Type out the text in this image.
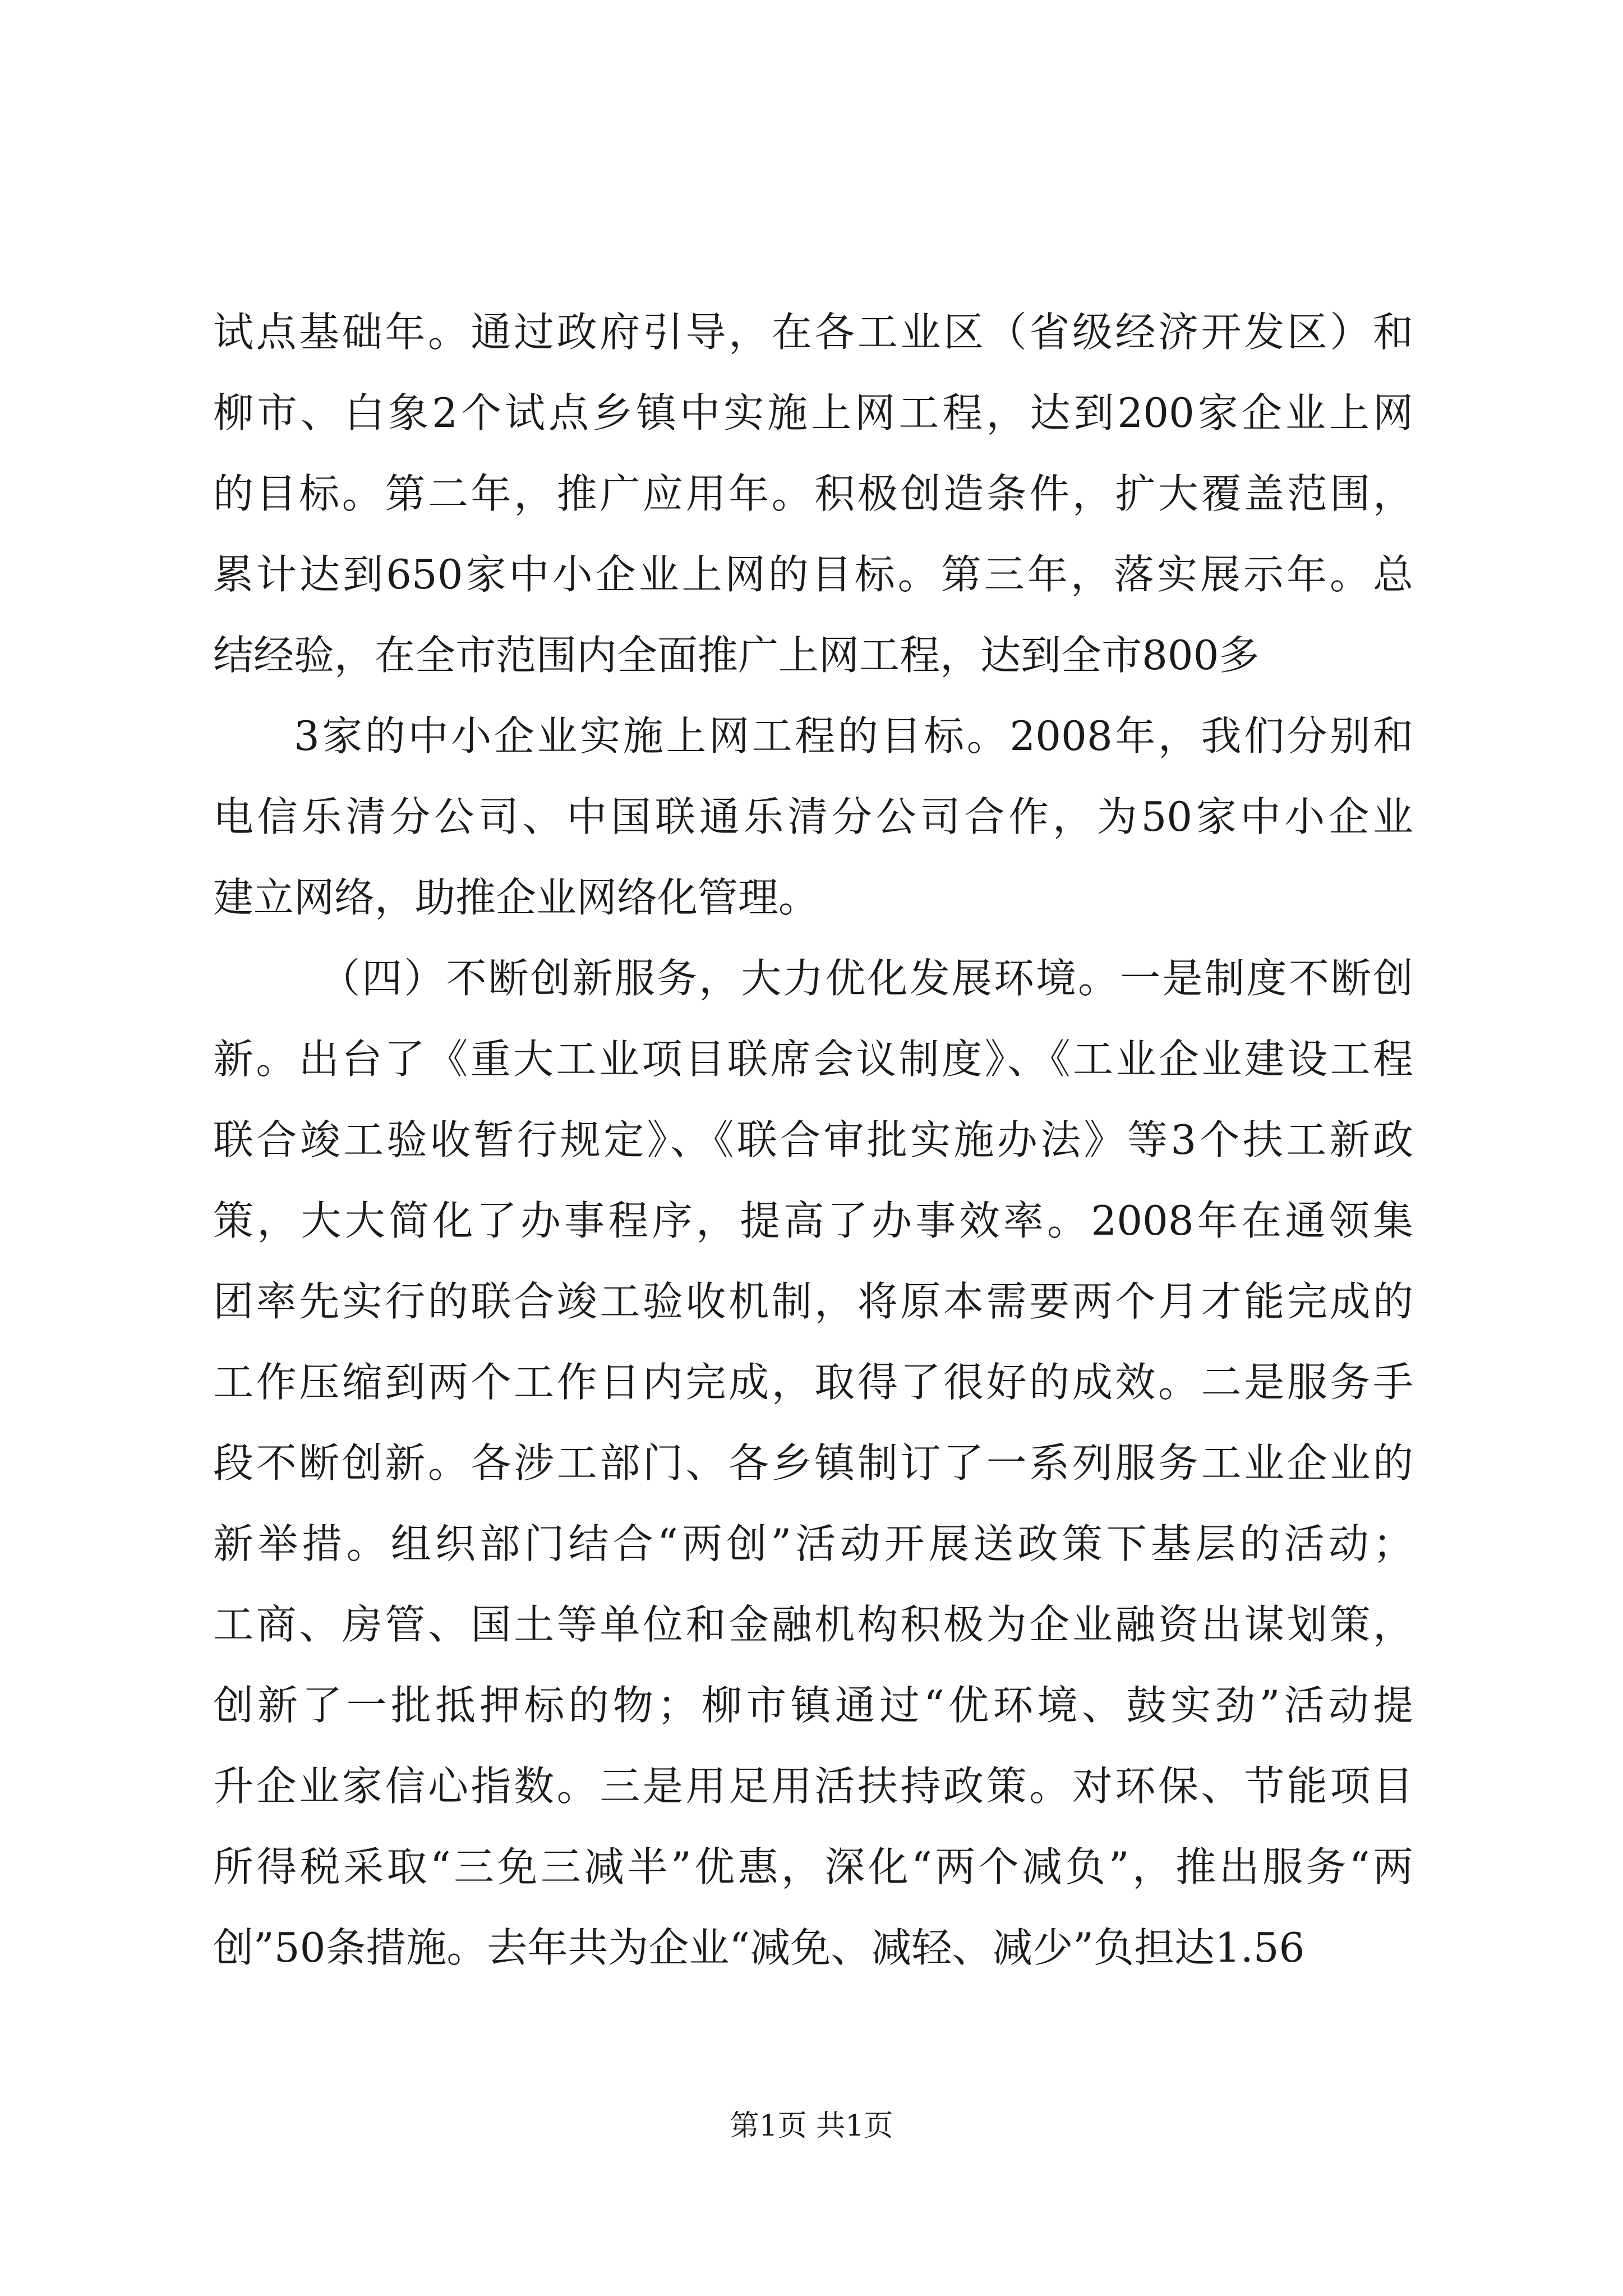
试点基础年。通过政府引导，在各工业区（省级经济开发区）和
柳市、白象2个试点乡镇中实施上网工程，达到200家企业上网
的目标。第二年，推广应用年。积极创造条件，扩大覆盖范围，
累计达到650家中小企业上网的目标。第三年，落实展示年。总
结经验，在全市范围内全面推广上网工程，达到全市800多
3家的中小企业实施上网工程的目标。2008年，我们分别和
电信乐清分公司、中国联通乐清分公司合作，为50家中小企业
建立网络，助推企业网络化管理。
（四）不断创新服务，大力优化发展环境。一是制度不断创
新。出台了《重大工业项目联席会议制度》、《工业企业建设工程
联合竣工验收暂行规定》、《联合审批实施办法》等3个扶工新政
策，大大简化了办事程序，提高了办事效率。2008年在通领集
团率先实行的联合竣工验收机制，将原本需要两个月才能完成的
工作压缩到两个工作日内完成，取得了很好的成效。二是服务手
段不断创新。各涉工部门、各乡镇制订了一系列服务工业企业的
新举措。组织部门结合“两创”活动开展送政策下基层的活动；
工商、房管、国土等单位和金融机构积极为企业融资出谋划策，
创新了一批抵押标的物；柳市镇通过“优环境、鼓实劲”活动提
升企业家信心指数。三是用足用活扶持政策。对环保、节能项目
所得税采取“三免三减半”优惠，深化“两个减负”，推出服务“两
创”50条措施。去年共为企业“减免、减轻、减少”负担达1.56
第1页 共1页
